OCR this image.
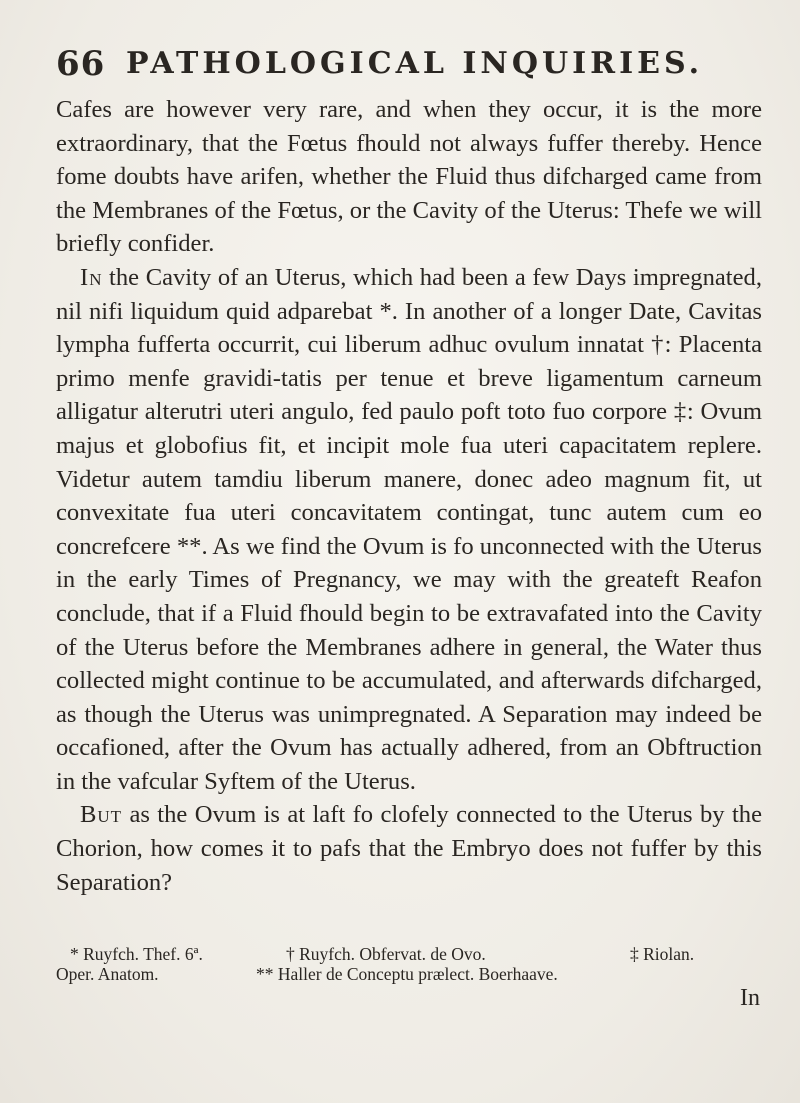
66 PATHOLOGICAL INQUIRIES.

Cafes are however very rare, and when they occur, it is the more extraordinary, that the Fœtus fhould not always fuffer thereby. Hence fome doubts have arifen, whether the Fluid thus difcharged came from the Membranes of the Fœtus, or the Cavity of the Uterus: Thefe we will briefly confider.

In the Cavity of an Uterus, which had been a few Days impregnated, nil nifi liquidum quid adparebat *. In another of a longer Date, Cavitas lympha fufferta occurrit, cui liberum adhuc ovulum innatat †: Placenta primo menfe gravidi-tatis per tenue et breve ligamentum carneum alligatur alterutri uteri angulo, fed paulo poft toto fuo corpore ‡: Ovum majus et globofius fit, et incipit mole fua uteri capacitatem replere. Videtur autem tamdiu liberum manere, donec adeo magnum fit, ut convexitate fua uteri concavitatem contingat, tunc autem cum eo concrefcere **. As we find the Ovum is fo unconnected with the Uterus in the early Times of Pregnancy, we may with the greateft Reafon conclude, that if a Fluid fhould begin to be extravafated into the Cavity of the Uterus before the Membranes adhere in general, the Water thus collected might continue to be accumulated, and afterwards difcharged, as though the Uterus was unimpregnated. A Separation may indeed be occafioned, after the Ovum has actually adhered, from an Obftruction in the vafcular Syftem of the Uterus.

But as the Ovum is at laft fo clofely connected to the Uterus by the Chorion, how comes it to pafs that the Embryo does not fuffer by this Separation?

* Ruyfch. Thef. 6ª.	† Ruyfch. Obfervat. de Ovo.	‡ Riolan.
Oper. Anatom.	** Haller de Conceptu prælect. Boerhaave.
In
